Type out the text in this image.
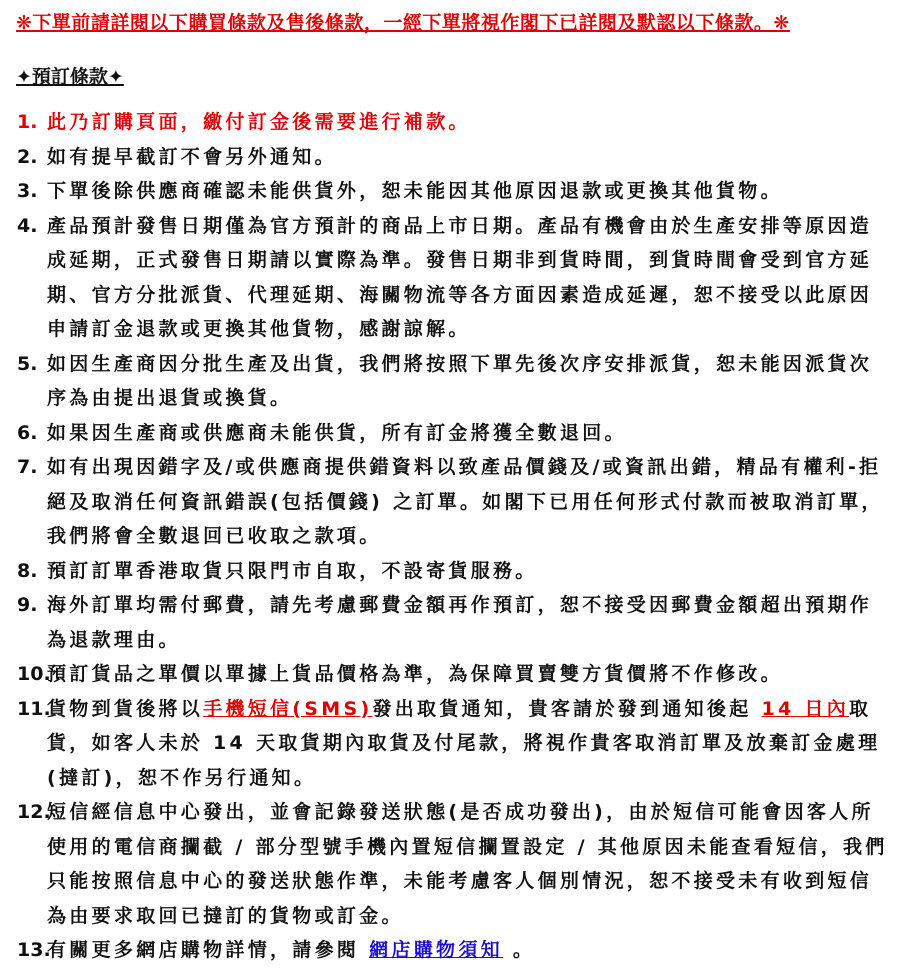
❋下單前請詳閱以下購買條款及售後條款，一經下單將視作閣下已詳閱及默認以下條款。❋
✦預訂條款✦
1. 此乃訂購頁面，繳付訂金後需要進行補款。
2. 如有提早截訂不會另外通知。
3. 下單後除供應商確認未能供貨外，恕未能因其他原因退款或更換其他貨物。
4. 產品預計發售日期僅為官方預計的商品上市日期。產品有機會由於生產安排等原因造成延期，正式發售日期請以實際為準。發售日期非到貨時間，到貨時間會受到官方延期、官方分批派貨、代理延期、海關物流等各方面因素造成延遲，恕不接受以此原因申請訂金退款或更換其他貨物，感謝諒解。
5. 如因生產商因分批生產及出貨，我們將按照下單先後次序安排派貨，恕未能因派貨次序為由提出退貨或換貨。
6. 如果因生產商或供應商未能供貨，所有訂金將獲全數退回。
7. 如有出現因錯字及/或供應商提供錯資料以致產品價錢及/或資訊出錯，精品有權利-拒絕及取消任何資訊錯誤(包括價錢) 之訂單。如閣下已用任何形式付款而被取消訂單，我們將會全數退回已收取之款項。
8. 預訂訂單香港取貨只限門市自取，不設寄貨服務。
9. 海外訂單均需付郵費，請先考慮郵費金額再作預訂，恕不接受因郵費金額超出預期作為退款理由。
10.
預訂貨品之單價以單據上貨品價格為準，為保障買賣雙方貨價將不作修改。
11.
貨物到貨後將以手機短信(SMS)發出取貨通知，貴客請於發到通知後起 14 日內取貨，如客人未於 14 天取貨期內取貨及付尾款，將視作貴客取消訂單及放棄訂金處理(撻訂)，恕不作另行通知。
12.
短信經信息中心發出，並會記錄發送狀態(是否成功發出)，由於短信可能會因客人所使用的電信商攔截 / 部分型號手機內置短信攔置設定 / 其他原因未能查看短信，我們只能按照信息中心的發送狀態作準，未能考慮客人個別情況，恕不接受未有收到短信為由要求取回已撻訂的貨物或訂金。
13.
有關更多網店購物詳情，請參閱 網店購物須知 。
